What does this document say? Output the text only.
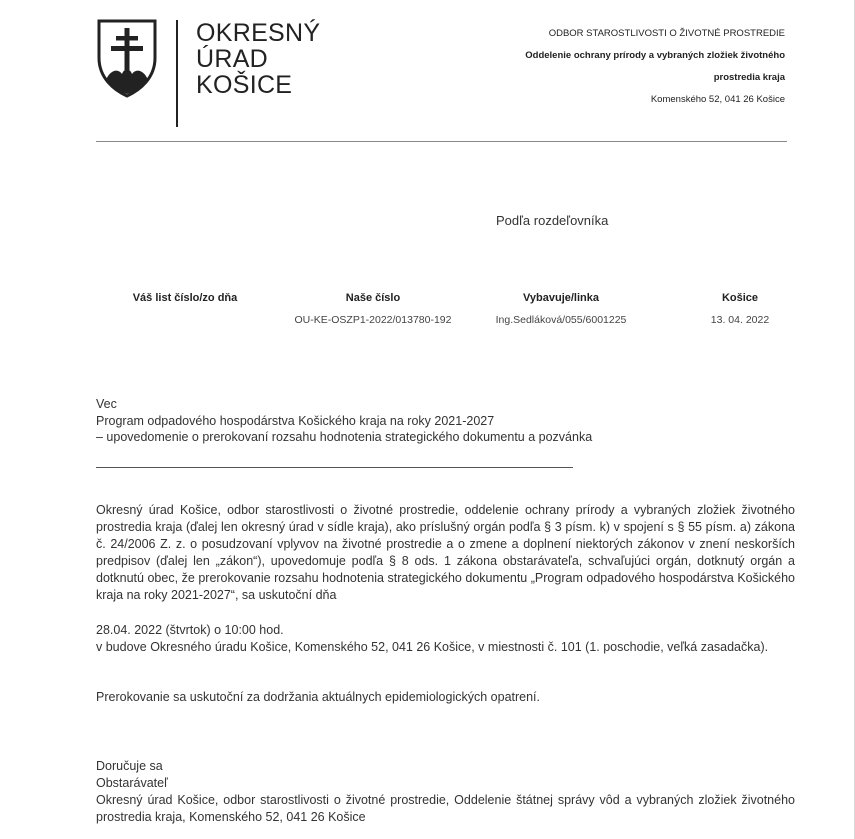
OKRESNÝ
ÚRAD
KOŠICE
ODBOR STAROSTLIVOSTI O ŽIVOTNÉ PROSTREDIE
Oddelenie ochrany prírody a vybraných zložiek životného
prostredia kraja
Komenského 52, 041 26 Košice
Podľa rozdeľovníka
Váš list číslo/zo dňa	Naše číslo
OU-KE-OSZP1-2022/013780-192
Vybavuje/linka
Ing.Sedláková/055/6001225
Košice
13. 04. 2022
Vec
Program odpadového hospodárstva Košického kraja na roky 2021-2027
– upovedomenie o prerokovaní rozsahu hodnotenia strategického dokumentu a pozvánka
Okresný úrad Košice, odbor starostlivosti o životné prostredie, oddelenie ochrany prírody a vybraných zložiek životného prostredia kraja (ďalej len okresný úrad v sídle kraja), ako príslušný orgán podľa § 3 písm. k) v spojení s § 55 písm. a) zákona č. 24/2006 Z. z. o posudzovaní vplyvov na životné prostredie a o zmene a doplnení niektorých zákonov v znení neskorších predpisov (ďalej len „zákon“), upovedomuje podľa § 8 ods. 1 zákona obstarávateľa, schvaľujúci orgán, dotknutý orgán a dotknutú obec, že prerokovanie rozsahu hodnotenia strategického dokumentu „Program odpadového hospodárstva Košického kraja na roky 2021-2027“, sa uskutoční dňa
28.04. 2022 (štvrtok) o 10:00 hod.
v budove Okresného úradu Košice, Komenského 52, 041 26 Košice, v miestnosti č. 101 (1. poschodie, veľká zasadačka).
Prerokovanie sa uskutoční za dodržania aktuálnych epidemiologických opatrení.
Doručuje sa
Obstarávateľ
Okresný úrad Košice, odbor starostlivosti o životné prostredie, Oddelenie štátnej správy vôd a vybraných zložiek životného prostredia kraja, Komenského 52, 041 26 Košice
